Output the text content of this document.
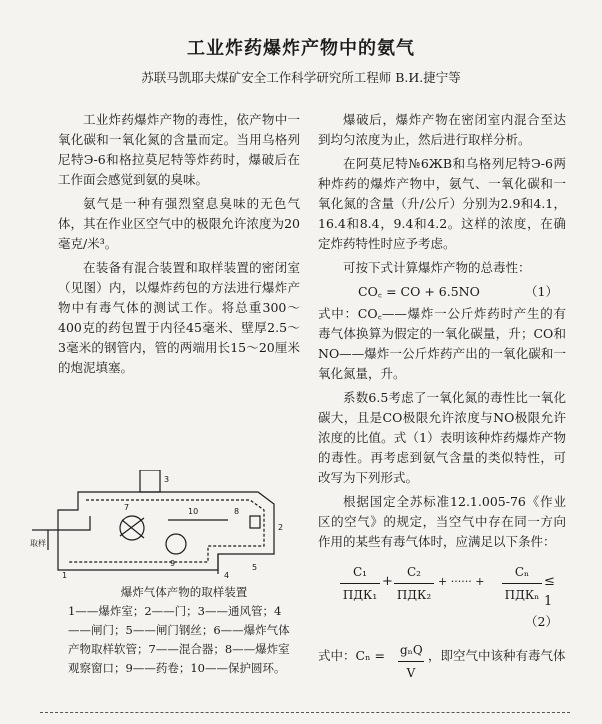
工业炸药爆炸产物中的氨气
苏联马凯耶夫煤矿安全工作科学研究所工程师 B.И.捷宁等

工业炸药爆炸产物的毒性，依产物中一氧化碳和一氧化氮的含量而定。当用乌格列尼特Э-6和格拉莫尼特等炸药时，爆破后在工作面会感觉到氨的臭味。

氨气是一种有强烈窒息臭味的无色气体，其在作业区空气中的极限允许浓度为20毫克/米³。

在装备有混合装置和取样装置的密闭室（见图）内，以爆炸药包的方法进行爆炸产物中有毒气体的测试工作。将总重300～400克的药包置于内径45毫米、壁厚2.5～3毫米的钢管内，管的两端用长15～20厘米的炮泥填塞。

3
7	10	8
2
9
1	4
5
取样
爆炸气体产物的取样装置

1——爆炸室；2——门；3——通风管；4——闸门；5——闸门钢丝；6——爆炸气体产物取样软管；7——混合器；8——爆炸室观察窗口；9——药卷；10——保护圆环。

爆破后，爆炸产物在密闭室内混合至达到均匀浓度为止，然后进行取样分析。

在阿莫尼特№6ЖВ和乌格列尼特Э-6两种炸药的爆炸产物中，氨气、一氧化碳和一氧化氮的含量（升/公斤）分别为2.9和4.1，16.4和8.4，9.4和4.2。这样的浓度，在确定炸药特性时应予考虑。

可按下式计算爆炸产物的总毒性：

CO꜀ = CO + 6.5NO	（1）

式中：CO꜀——爆炸一公斤炸药时产生的有毒气体换算为假定的一氧化碳量，升；CO和NO——爆炸一公斤炸药产出的一氧化碳和一氧化氮量，升。

系数6.5考虑了一氧化氮的毒性比一氧化碳大，且是CO极限允许浓度与NO极限允许浓度的比值。式（1）表明该种炸药爆炸产物的毒性。再考虑到氨气含量的类似特性，可改写为下列形式。

根据国定全苏标准12.1.005-76《作业区的空气》的规定，当空气中存在同一方向作用的某些有毒气体时，应满足以下条件：

C₁
ПДК₁
+
C₂
ПДК₂
+ ······ +
Cₙ
ПДКₙ
≤ 1
（2）
式中：Cₙ = gₙQ
V
，即空气中该种有毒气体
